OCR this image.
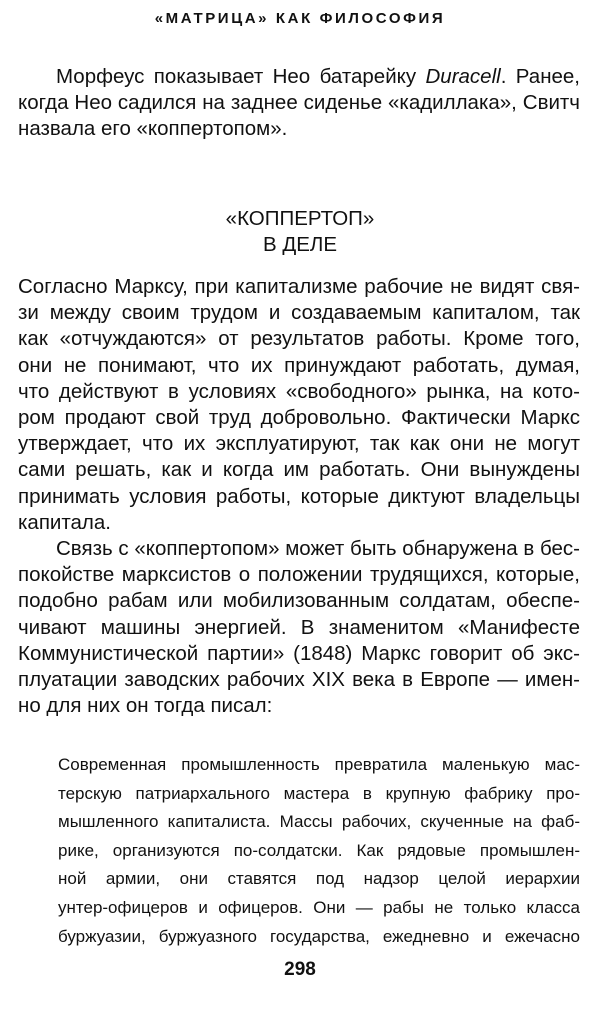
«МАТРИЦА» КАК ФИЛОСОФИЯ

Морфеус показывает Нео батарейку Duracell. Ранее,
когда Нео садился на заднее сиденье «кадиллака», Свитч
назвала его «коппертопом».

«КОППЕРТОП»
В ДЕЛЕ

Согласно Марксу, при капитализме рабочие не видят свя-
зи между своим трудом и создаваемым капиталом, так
как «отчуждаются» от результатов работы. Кроме того,
они не понимают, что их принуждают работать, думая,
что действуют в условиях «свободного» рынка, на кото-
ром продают свой труд добровольно. Фактически Маркс
утверждает, что их эксплуатируют, так как они не могут
сами решать, как и когда им работать. Они вынуждены
принимать условия работы, которые диктуют владельцы
капитала.

Связь с «коппертопом» может быть обнаружена в бес-
покойстве марксистов о положении трудящихся, которые,
подобно рабам или мобилизованным солдатам, обеспе-
чивают машины энергией. В знаменитом «Манифесте
Коммунистической партии» (1848) Маркс говорит об экс-
плуатации заводских рабочих XIX века в Европе — имен-
но для них он тогда писал:

Современная промышленность превратила маленькую мас-
терскую патриархального мастера в крупную фабрику про-
мышленного капиталиста. Массы рабочих, скученные на фаб-
рике, организуются по-солдатски. Как рядовые промышлен-
ной армии, они ставятся под надзор целой иерархии
унтер-офицеров и офицеров. Они — рабы не только класса
буржуазии, буржуазного государства, ежедневно и ежечасно

298
